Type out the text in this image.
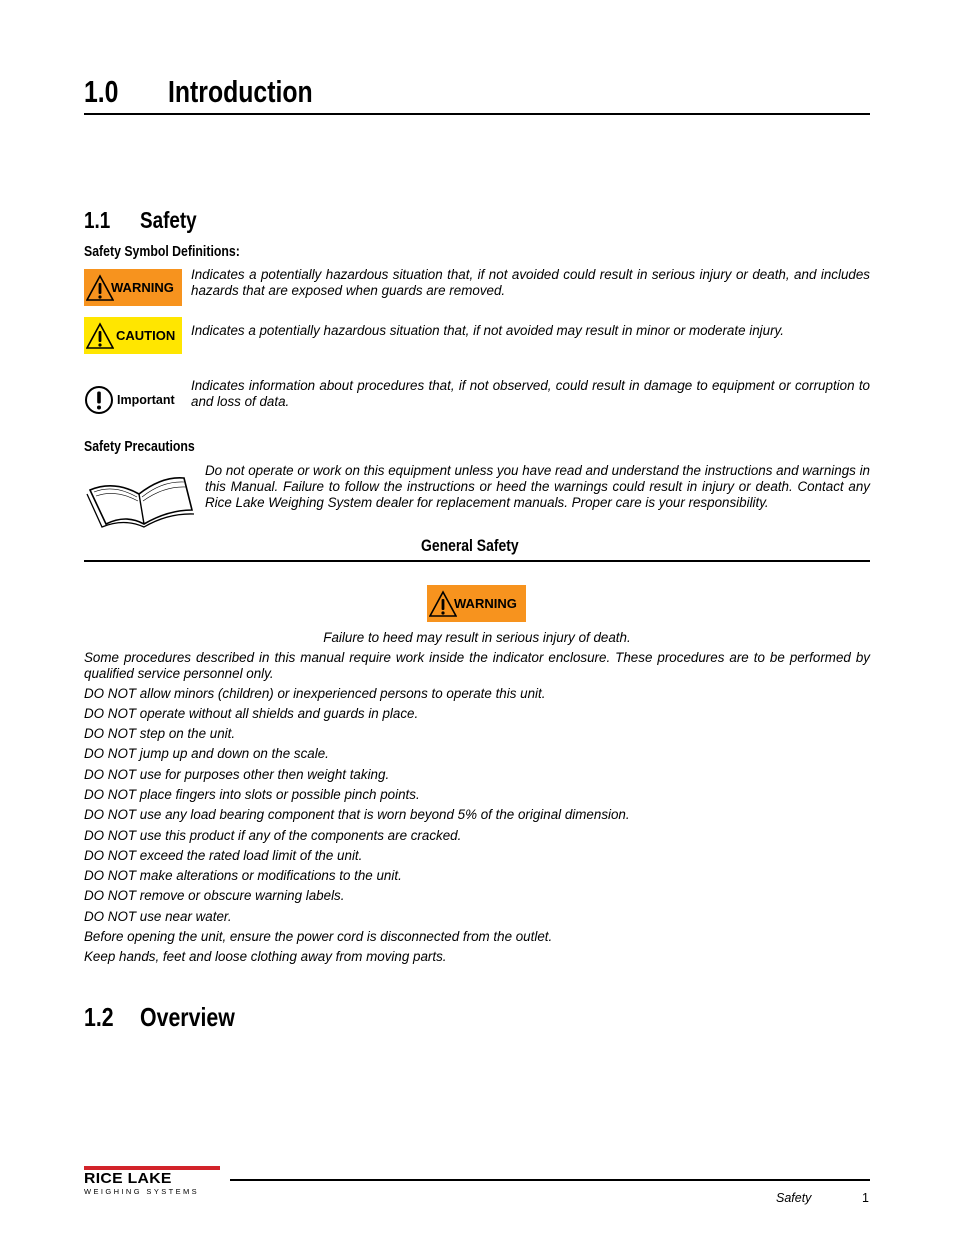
1.0 Introduction
1.1 Safety
Safety Symbol Definitions:
WARNING
Indicates a potentially hazardous situation that, if not avoided could result in serious injury or death, and includes hazards that are exposed when guards are removed.
CAUTION Indicates a potentially hazardous situation that, if not avoided may result in minor or moderate injury.
Important
Indicates information about procedures that, if not observed, could result in damage to equipment or corruption to and loss of data.
Safety Precautions
Do not operate or work on this equipment unless you have read and understand the instructions and warnings in this Manual. Failure to follow the instructions or heed the warnings could result in injury or death. Contact any Rice Lake Weighing System dealer for replacement manuals. Proper care is your responsibility.
General Safety
WARNING
Failure to heed may result in serious injury of death.
Some procedures described in this manual require work inside the indicator enclosure. These procedures are to be performed by qualified service personnel only.
DO NOT allow minors (children) or inexperienced persons to operate this unit.
DO NOT operate without all shields and guards in place.
DO NOT step on the unit.
DO NOT jump up and down on the scale.
DO NOT use for purposes other then weight taking.
DO NOT place fingers into slots or possible pinch points.
DO NOT use any load bearing component that is worn beyond 5% of the original dimension.
DO NOT use this product if any of the components are cracked.
DO NOT exceed the rated load limit of the unit.
DO NOT make alterations or modifications to the unit.
DO NOT remove or obscure warning labels.
DO NOT use near water.
Before opening the unit, ensure the power cord is disconnected from the outlet.
Keep hands, feet and loose clothing away from moving parts.
1.2 Overview
RICE LAKE
WEIGHING SYSTEMS	Safety	1
